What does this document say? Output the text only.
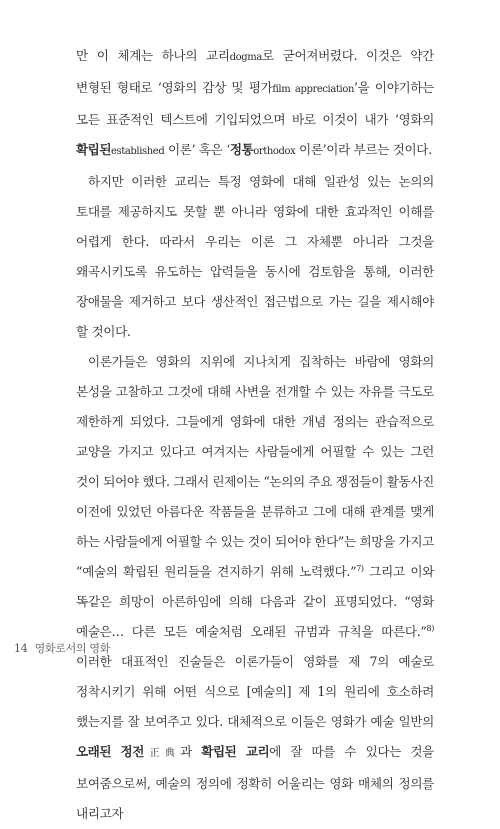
만 이 체계는 하나의 교리dogma로 굳어져버렸다. 이것은 약간 변형된 형태로 ‘영화의 감상 및 평가film appreciation’을 이야기하는 모든 표준적인 텍스트에 기입되었으며 바로 이것이 내가 ‘영화의 확립된established 이론’ 혹은 ‘정통orthodox 이론’이라 부르는 것이다.

하지만 이러한 교리는 특정 영화에 대해 일관성 있는 논의의 토대를 제공하지도 못할 뿐 아니라 영화에 대한 효과적인 이해를 어렵게 한다. 따라서 우리는 이론 그 자체뿐 아니라 그것을 왜곡시키도록 유도하는 압력들을 동시에 검토함을 통해, 이러한 장애물을 제거하고 보다 생산적인 접근법으로 가는 길을 제시해야 할 것이다.

이론가들은 영화의 지위에 지나치게 집착하는 바람에 영화의 본성을 고찰하고 그것에 대해 사변을 전개할 수 있는 자유를 극도로 제한하게 되었다. 그들에게 영화에 대한 개념 정의는 관습적으로 교양을 가지고 있다고 여겨지는 사람들에게 어필할 수 있는 그런 것이 되어야 했다. 그래서 린제이는 “논의의 주요 쟁점들이 활동사진 이전에 있었던 아름다운 작품들을 분류하고 그에 대해 관계를 맺게 하는 사람들에게 어필할 수 있는 것이 되어야 한다”는 희망을 가지고 “예술의 확립된 원리들을 견지하기 위해 노력했다.”$^{7)}$ 그리고 이와 똑같은 희망이 아른하임에 의해 다음과 같이 표명되었다. “영화 예술은… 다른 모든 예술처럼 오래된 규범과 규칙을 따른다.”$^{8)}$ 이러한 대표적인 진술들은 이론가들이 영화를 제 7의 예술로 정착시키기 위해 어떤 식으로 [예술의] 제 1의 원리에 호소하려 했는지를 잘 보여주고 있다. 대체적으로 이들은 영화가 예술 일반의 오래된 정전正典과 확립된 교리에 잘 따를 수 있다는 것을 보여줌으로써, 예술의 정의에 정확히 어울리는 영화 매체의 정의를 내리고자

14 영화로서의 영화
